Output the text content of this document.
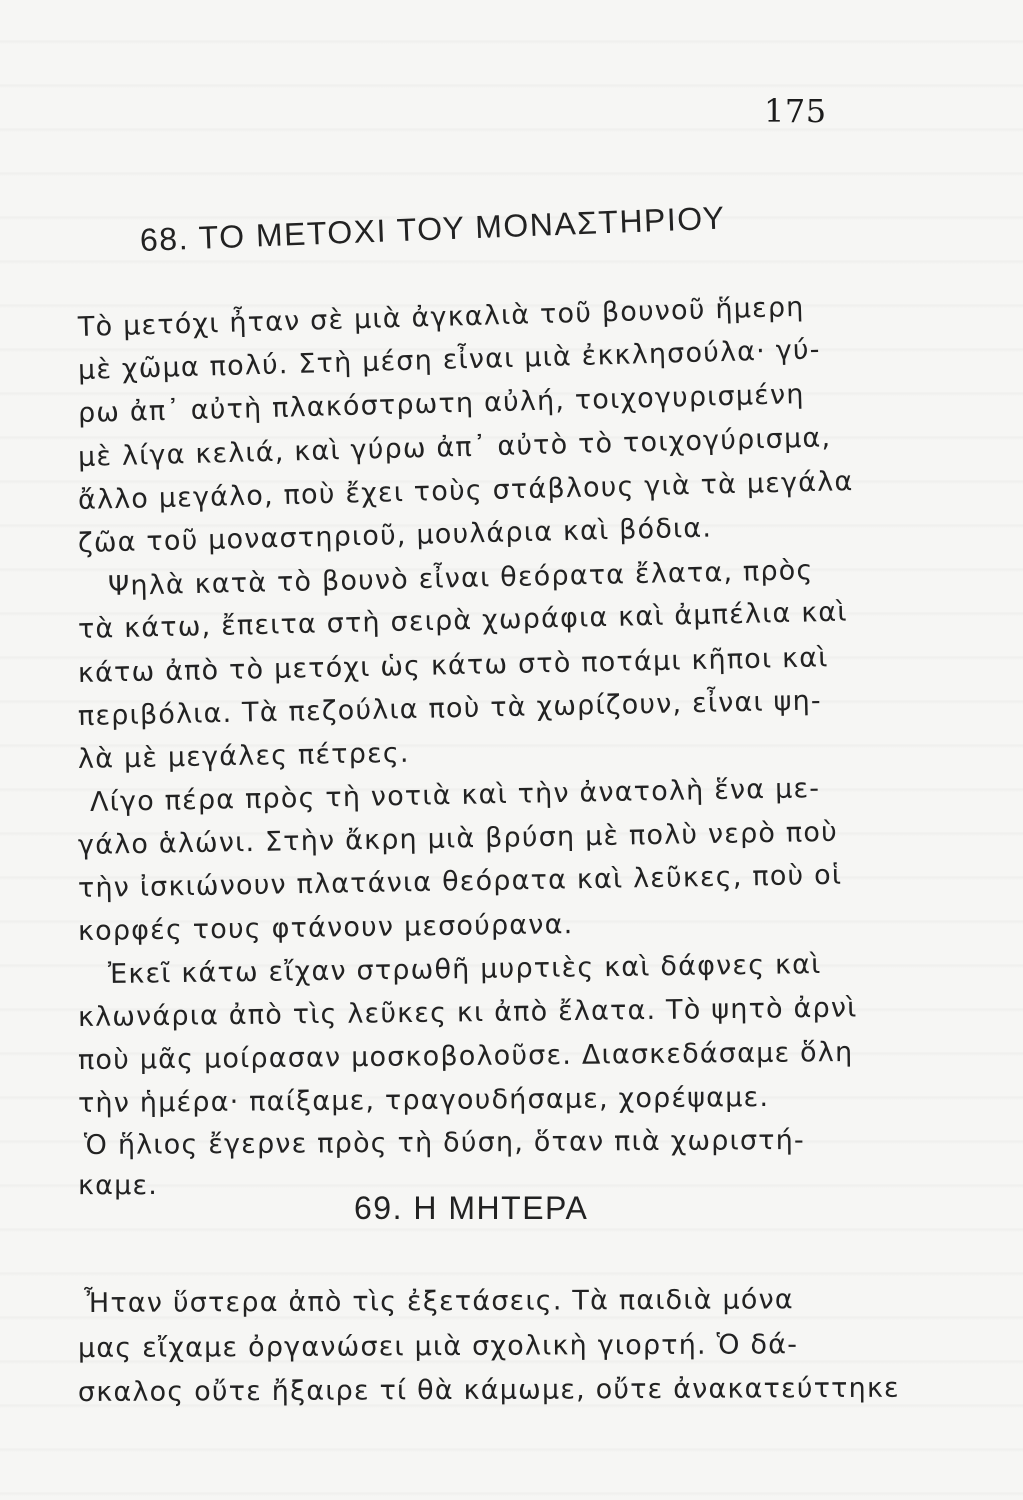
175
68. ΤΟ ΜΕΤΟΧΙ ΤΟΥ ΜΟΝΑΣΤΗΡΙΟΥ
Τὸ μετόχι ἦταν σὲ μιὰ ἀγκαλιὰ τοῦ βουνοῦ ἥμερη
μὲ χῶμα πολύ. Στὴ μέση εἶναι μιὰ ἐκκλησούλα· γύ-
ρω ἀπ᾿ αὐτὴ πλακόστρωτη αὐλή, τοιχογυρισμένη
μὲ λίγα κελιά, καὶ γύρω ἀπ᾿ αὐτὸ τὸ τοιχογύρισμα,
ἄλλο μεγάλο, ποὺ ἔχει τοὺς στάβλους γιὰ τὰ μεγάλα
ζῶα τοῦ μοναστηριοῦ, μουλάρια καὶ βόδια.
Ψηλὰ κατὰ τὸ βουνὸ εἶναι θεόρατα ἔλατα, πρὸς
τὰ κάτω, ἔπειτα στὴ σειρὰ χωράφια καὶ ἀμπέλια καὶ
κάτω ἀπὸ τὸ μετόχι ὡς κάτω στὸ ποτάμι κῆποι καὶ
περιβόλια. Τὰ πεζούλια ποὺ τὰ χωρίζουν, εἶναι ψη-
λὰ μὲ μεγάλες πέτρες.
Λίγο πέρα πρὸς τὴ νοτιὰ καὶ τὴν ἀνατολὴ ἕνα με-
γάλο ἁλώνι. Στὴν ἄκρη μιὰ βρύση μὲ πολὺ νερὸ ποὺ
τὴν ἰσκιώνουν πλατάνια θεόρατα καὶ λεῦκες, ποὺ οἱ
κορφές τους φτάνουν μεσούρανα.
Ἐκεῖ κάτω εἴχαν στρωθῆ μυρτιὲς καὶ δάφνες καὶ
κλωνάρια ἀπὸ τὶς λεῦκες κι ἀπὸ ἔλατα. Τὸ ψητὸ ἀρνὶ
ποὺ μᾶς μοίρασαν μοσκοβολοῦσε. Διασκεδάσαμε ὅλη
τὴν ἡμέρα· παίξαμε, τραγουδήσαμε, χορέψαμε.
Ὁ ἥλιος ἔγερνε πρὸς τὴ δύση, ὅταν πιὰ χωριστή-
καμε.
69. Η ΜΗΤΕΡΑ
Ἦταν ὕστερα ἀπὸ τὶς ἐξετάσεις. Τὰ παιδιὰ μόνα
μας εἴχαμε ὀργανώσει μιὰ σχολικὴ γιορτή. Ὁ δά-
σκαλος οὔτε ἤξαιρε τί θὰ κάμωμε, οὔτε ἀνακατεύττηκε
